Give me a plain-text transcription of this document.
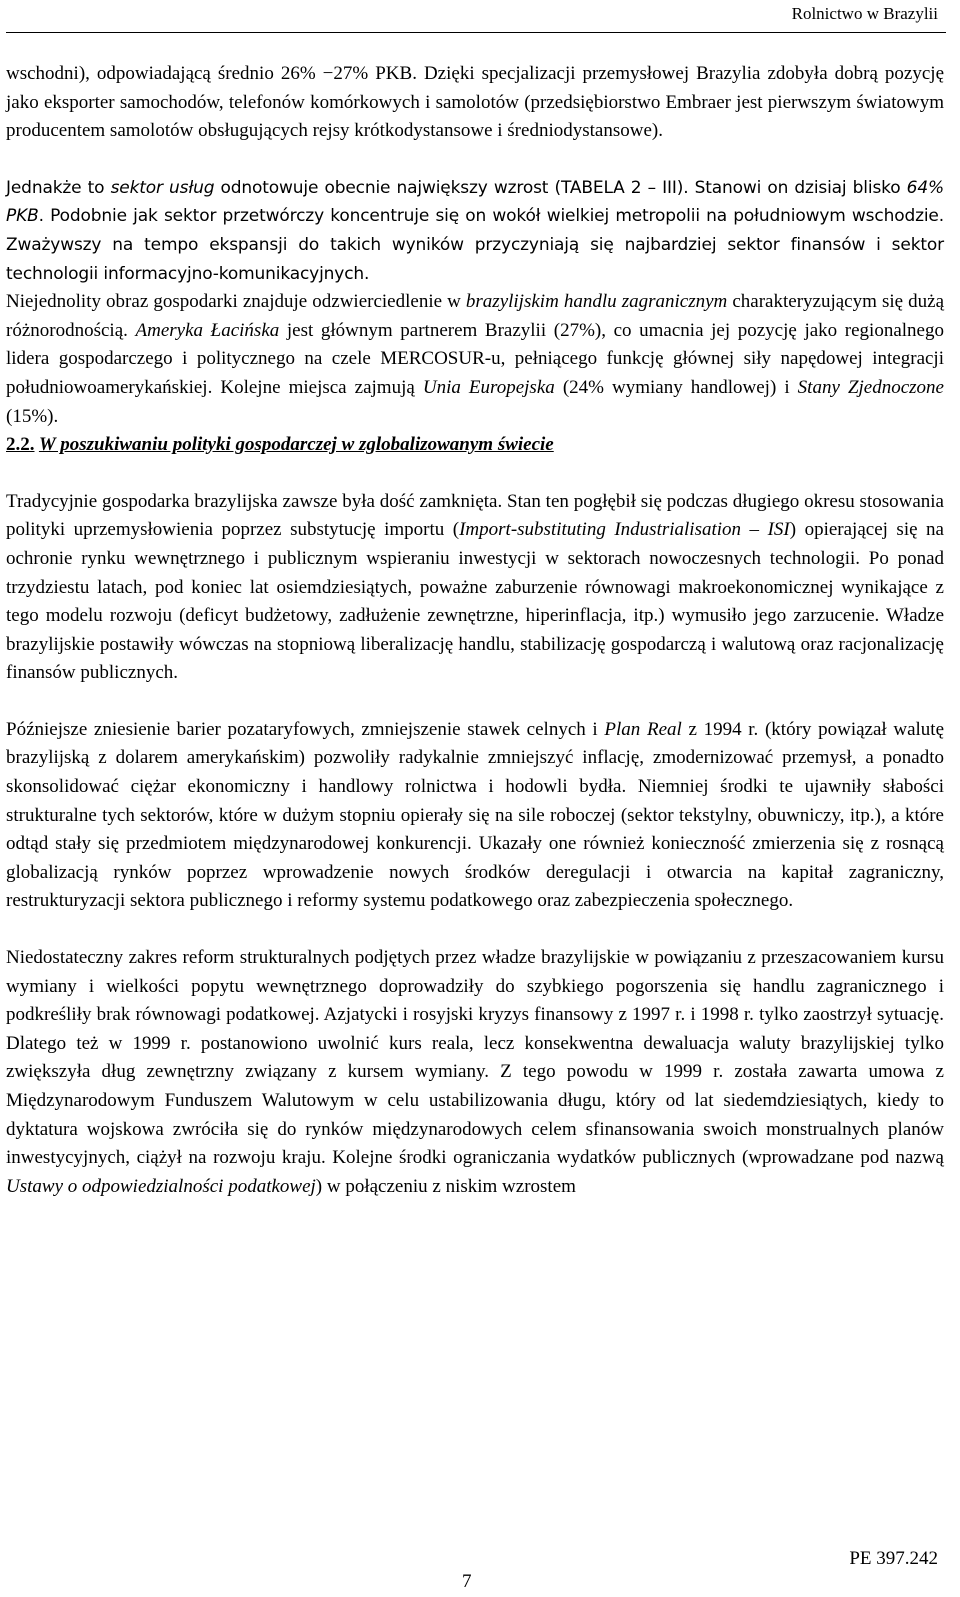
Rolnictwo w Brazylii

wschodni), odpowiadającą średnio 26% −27% PKB. Dzięki specjalizacji przemysłowej Brazylia zdobyła dobrą pozycję jako eksporter samochodów, telefonów komórkowych i samolotów (przedsiębiorstwo Embraer jest pierwszym światowym producentem samolotów obsługujących rejsy krótkodystansowe i średniodystansowe).

Jednakże to sektor usług odnotowuje obecnie największy wzrost (TABELA 2 – III). Stanowi on dzisiaj blisko 64% PKB. Podobnie jak sektor przetwórczy koncentruje się on wokół wielkiej metropolii na południowym wschodzie. Zważywszy na tempo ekspansji do takich wyników przyczyniają się najbardziej sektor finansów i sektor technologii informacyjno-komunikacyjnych.

Niejednolity obraz gospodarki znajduje odzwierciedlenie w brazylijskim handlu zagranicznym charakteryzującym się dużą różnorodnością. Ameryka Łacińska jest głównym partnerem Brazylii (27%), co umacnia jej pozycję jako regionalnego lidera gospodarczego i politycznego na czele MERCOSUR-u, pełniącego funkcję głównej siły napędowej integracji południowoamerykańskiej. Kolejne miejsca zajmują Unia Europejska (24% wymiany handlowej) i Stany Zjednoczone (15%).

2.2. W poszukiwaniu polityki gospodarczej w zglobalizowanym świecie

Tradycyjnie gospodarka brazylijska zawsze była dość zamknięta. Stan ten pogłębił się podczas długiego okresu stosowania polityki uprzemysłowienia poprzez substytucję importu (Import-substituting Industrialisation – ISI) opierającej się na ochronie rynku wewnętrznego i publicznym wspieraniu inwestycji w sektorach nowoczesnych technologii. Po ponad trzydziestu latach, pod koniec lat osiemdziesiątych, poważne zaburzenie równowagi makroekonomicznej wynikające z tego modelu rozwoju (deficyt budżetowy, zadłużenie zewnętrzne, hiperinflacja, itp.) wymusiło jego zarzucenie. Władze brazylijskie postawiły wówczas na stopniową liberalizację handlu, stabilizację gospodarczą i walutową oraz racjonalizację finansów publicznych.

Późniejsze zniesienie barier pozataryfowych, zmniejszenie stawek celnych i Plan Real z 1994 r. (który powiązał walutę brazylijską z dolarem amerykańskim) pozwoliły radykalnie zmniejszyć inflację, zmodernizować przemysł, a ponadto skonsolidować ciężar ekonomiczny i handlowy rolnictwa i hodowli bydła. Niemniej środki te ujawniły słabości strukturalne tych sektorów, które w dużym stopniu opierały się na sile roboczej (sektor tekstylny, obuwniczy, itp.), a które odtąd stały się przedmiotem międzynarodowej konkurencji. Ukazały one również konieczność zmierzenia się z rosnącą globalizacją rynków poprzez wprowadzenie nowych środków deregulacji i otwarcia na kapitał zagraniczny, restrukturyzacji sektora publicznego i reformy systemu podatkowego oraz zabezpieczenia społecznego.

Niedostateczny zakres reform strukturalnych podjętych przez władze brazylijskie w powiązaniu z przeszacowaniem kursu wymiany i wielkości popytu wewnętrznego doprowadziły do szybkiego pogorszenia się handlu zagranicznego i podkreśliły brak równowagi podatkowej. Azjatycki i rosyjski kryzys finansowy z 1997 r. i 1998 r. tylko zaostrzył sytuację. Dlatego też w 1999 r. postanowiono uwolnić kurs reala, lecz konsekwentna dewaluacja waluty brazylijskiej tylko zwiększyła dług zewnętrzny związany z kursem wymiany. Z tego powodu w 1999 r. została zawarta umowa z Międzynarodowym Funduszem Walutowym w celu ustabilizowania długu, który od lat siedemdziesiątych, kiedy to dyktatura wojskowa zwróciła się do rynków międzynarodowych celem sfinansowania swoich monstrualnych planów inwestycyjnych, ciążył na rozwoju kraju. Kolejne środki ograniczania wydatków publicznych (wprowadzane pod nazwą Ustawy o odpowiedzialności podatkowej) w połączeniu z niskim wzrostem

PE 397.242
7
